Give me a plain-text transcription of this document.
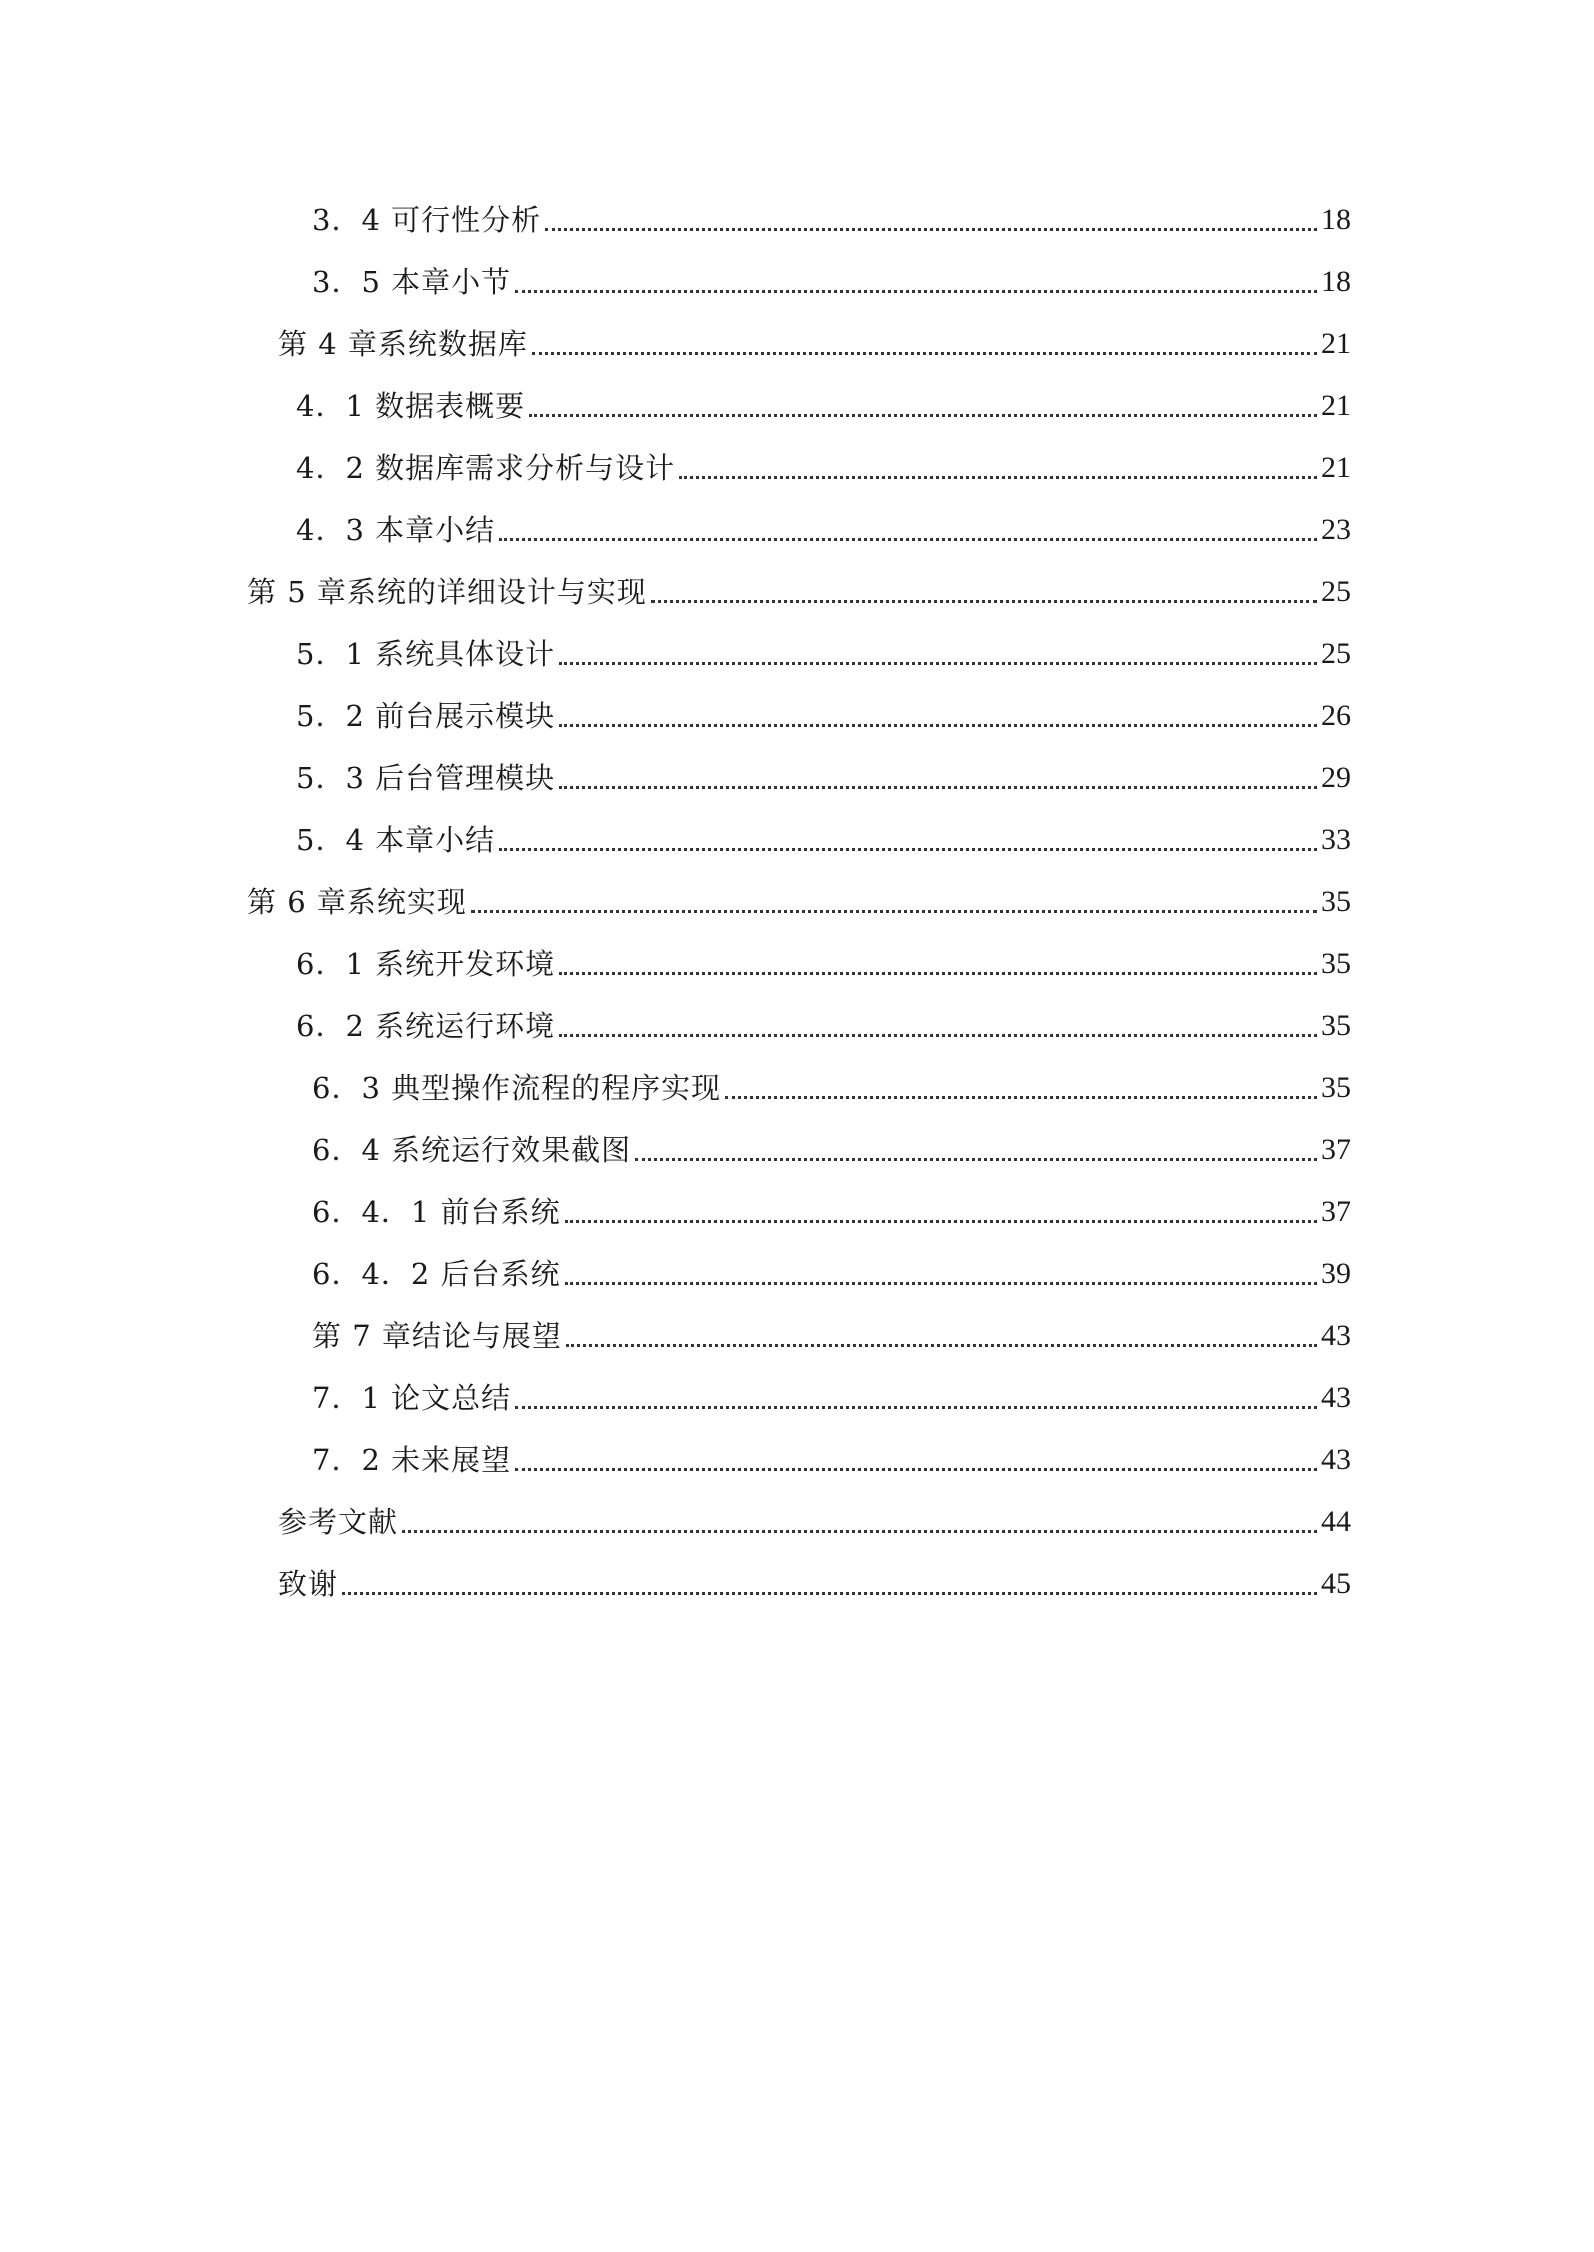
3．4 可行性分析	18
3．5 本章小节	18
第 4 章系统数据库	21
4．1 数据表概要	21
4．2 数据库需求分析与设计	21
4．3 本章小结	23
第 5 章系统的详细设计与实现	25
5．1 系统具体设计	25
5．2 前台展示模块	26
5．3 后台管理模块	29
5．4 本章小结	33
第 6 章系统实现	35
6．1 系统开发环境	35
6．2 系统运行环境	35
6．3 典型操作流程的程序实现	35
6．4 系统运行效果截图	37
6．4．1 前台系统	37
6．4．2 后台系统	39
第 7 章结论与展望	43
7．1 论文总结	43
7．2 未来展望	43
参考文献	44
致谢	45
